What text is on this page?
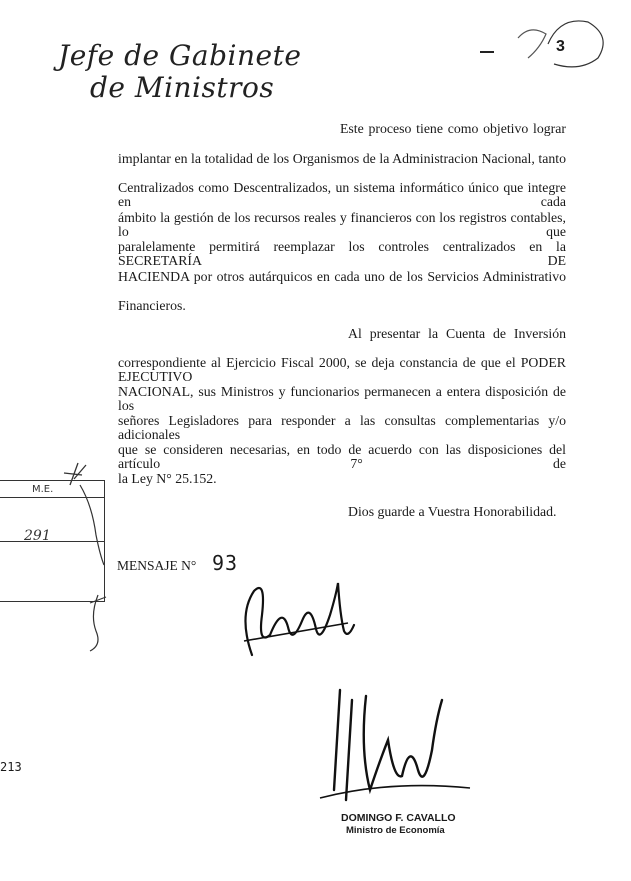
Jefe de Gabinete
de Ministros
3
Este proceso tiene como objetivo lograr
implantar en la totalidad de los Organismos de la Administracion Nacional, tanto
Centralizados como Descentralizados, un sistema informático único que integre en cada
ámbito la gestión de los recursos reales y financieros con los registros contables, lo que
paralelamente permitirá reemplazar los controles centralizados en la SECRETARÍA DE
HACIENDA por otros autárquicos en cada uno de los Servicios Administrativo
Financieros.
Al presentar la Cuenta de Inversión
correspondiente al Ejercicio Fiscal 2000, se deja constancia de que el PODER EJECUTIVO
NACIONAL, sus Ministros y funcionarios permanecen a entera disposición de los
señores Legisladores para responder a las consultas complementarias y/o adicionales
que se consideren necesarias, en todo de acuerdo con las disposiciones del artículo 7° de
la Ley N° 25.152.
Dios guarde a Vuestra Honorabilidad.
M.E.
291
MENSAJE N° 93
DOMINGO F. CAVALLO
Ministro de Economía
213
